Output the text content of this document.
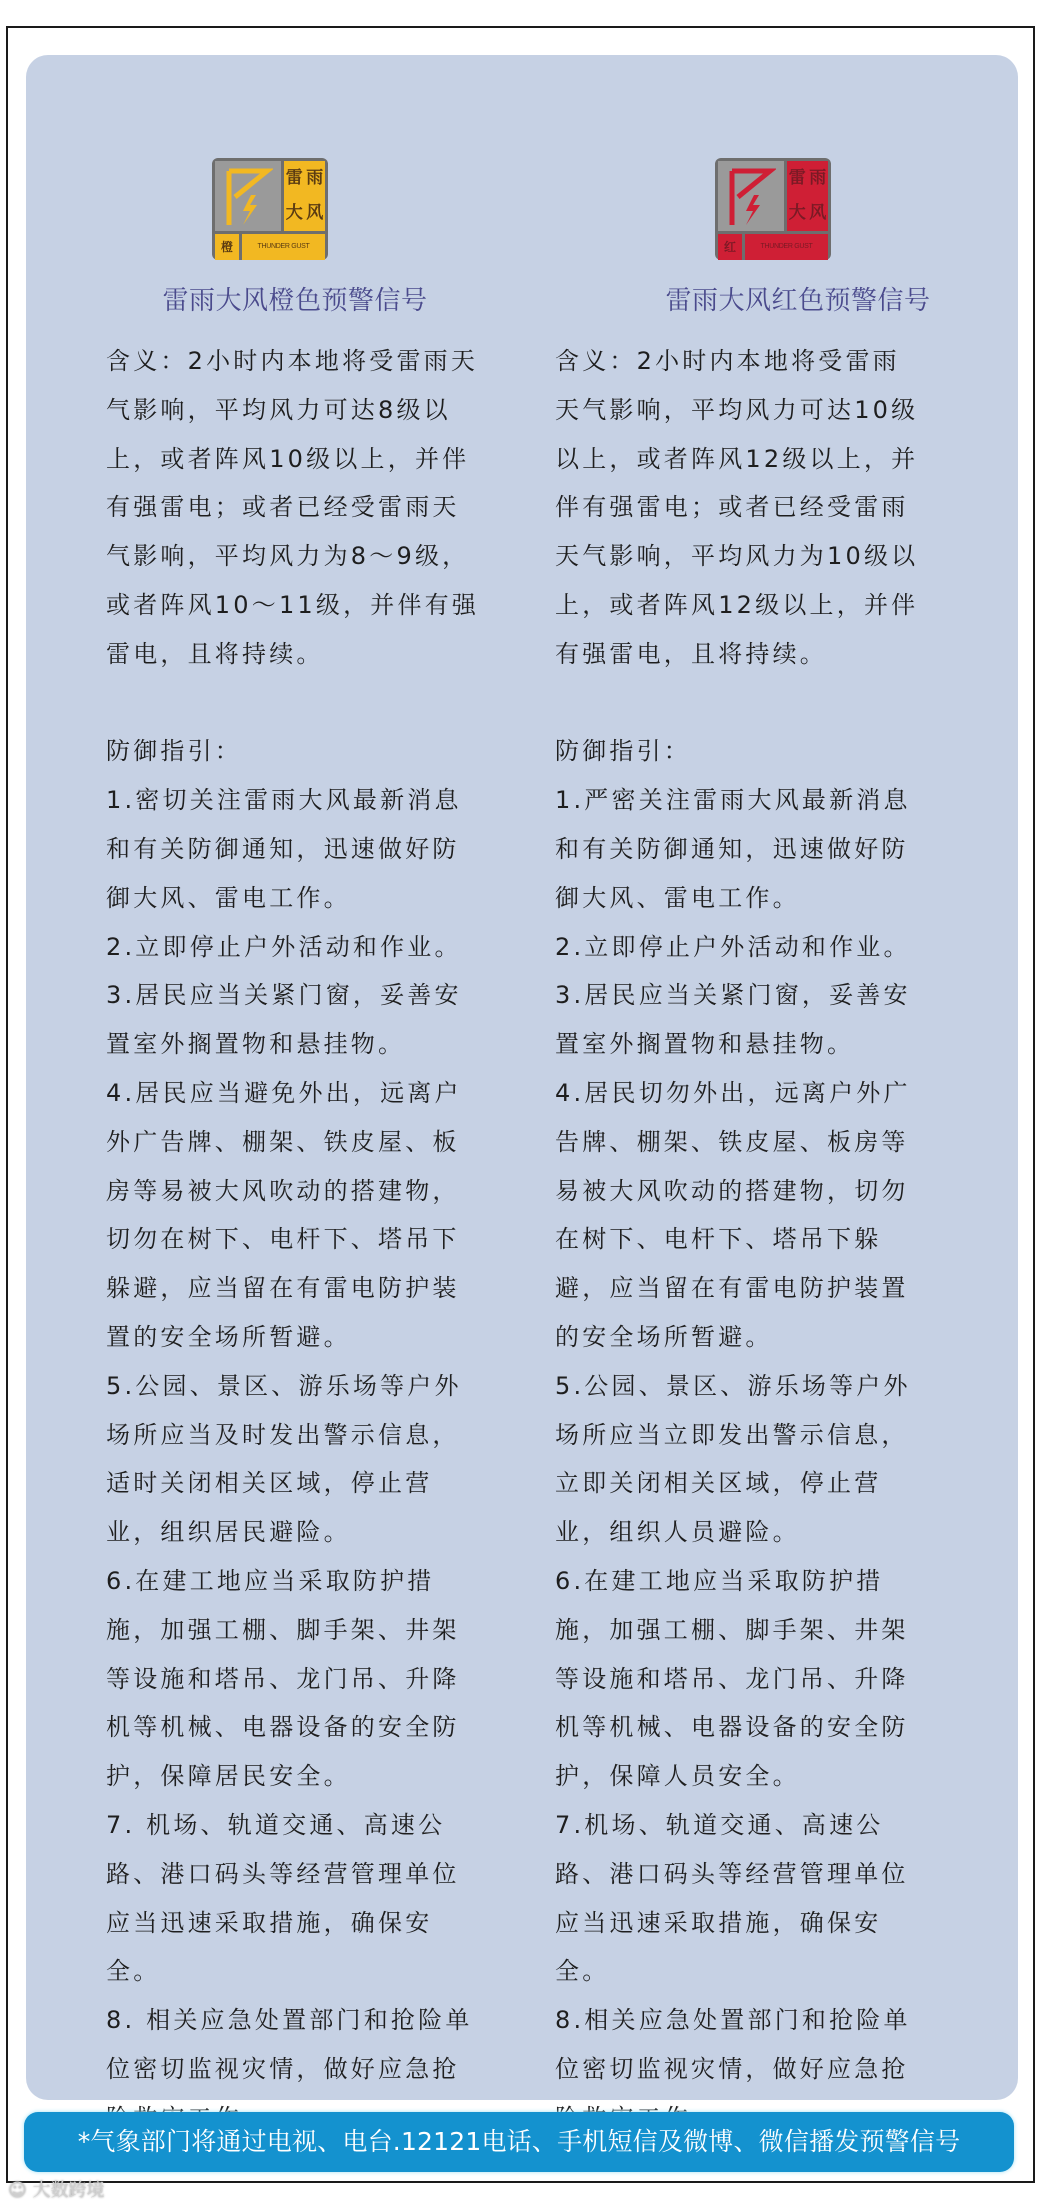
雷 雨
大 风
橙	THUNDER GUST
雷雨大风橙色预警信号

含义：2小时内本地将受雷雨天

气影响，平均风力可达8级以

上，或者阵风10级以上，并伴

有强雷电；或者已经受雷雨天

气影响，平均风力为8～9级，

或者阵风10～11级，并伴有强

雷电，且将持续。

防御指引：

1.密切关注雷雨大风最新消息

和有关防御通知，迅速做好防

御大风、雷电工作。

2.立即停止户外活动和作业。

3.居民应当关紧门窗，妥善安

置室外搁置物和悬挂物。

4.居民应当避免外出，远离户

外广告牌、棚架、铁皮屋、板

房等易被大风吹动的搭建物，

切勿在树下、电杆下、塔吊下

躲避，应当留在有雷电防护装

置的安全场所暂避。

5.公园、景区、游乐场等户外

场所应当及时发出警示信息，

适时关闭相关区域，停止营

业，组织居民避险。

6.在建工地应当采取防护措

施，加强工棚、脚手架、井架

等设施和塔吊、龙门吊、升降

机等机械、电器设备的安全防

护，保障居民安全。

7. 机场、轨道交通、高速公

路、港口码头等经营管理单位

应当迅速采取措施，确保安

全。

8. 相关应急处置部门和抢险单

位密切监视灾情，做好应急抢

雷 雨
大 风
红	THUNDER GUST
雷雨大风红色预警信号

含义：2小时内本地将受雷雨

天气影响，平均风力可达10级

以上，或者阵风12级以上，并

伴有强雷电；或者已经受雷雨

天气影响，平均风力为10级以

上，或者阵风12级以上，并伴

有强雷电，且将持续。

防御指引：

1.严密关注雷雨大风最新消息

和有关防御通知，迅速做好防

御大风、雷电工作。

2.立即停止户外活动和作业。

3.居民应当关紧门窗，妥善安

置室外搁置物和悬挂物。

4.居民切勿外出，远离户外广

告牌、棚架、铁皮屋、板房等

易被大风吹动的搭建物，切勿

在树下、电杆下、塔吊下躲

避，应当留在有雷电防护装置

的安全场所暂避。

5.公园、景区、游乐场等户外

场所应当立即发出警示信息，

立即关闭相关区域，停止营

业，组织人员避险。

6.在建工地应当采取防护措

施，加强工棚、脚手架、井架

等设施和塔吊、龙门吊、升降

机等机械、电器设备的安全防

护，保障人员安全。

7.机场、轨道交通、高速公

路、港口码头等经营管理单位

应当迅速采取措施，确保安

全。

8.相关应急处置部门和抢险单

位密切监视灾情，做好应急抢

*气象部门将通过电视、电台.12121电话、手机短信及微博、微信播发预警信号
☺ 大数跨境
